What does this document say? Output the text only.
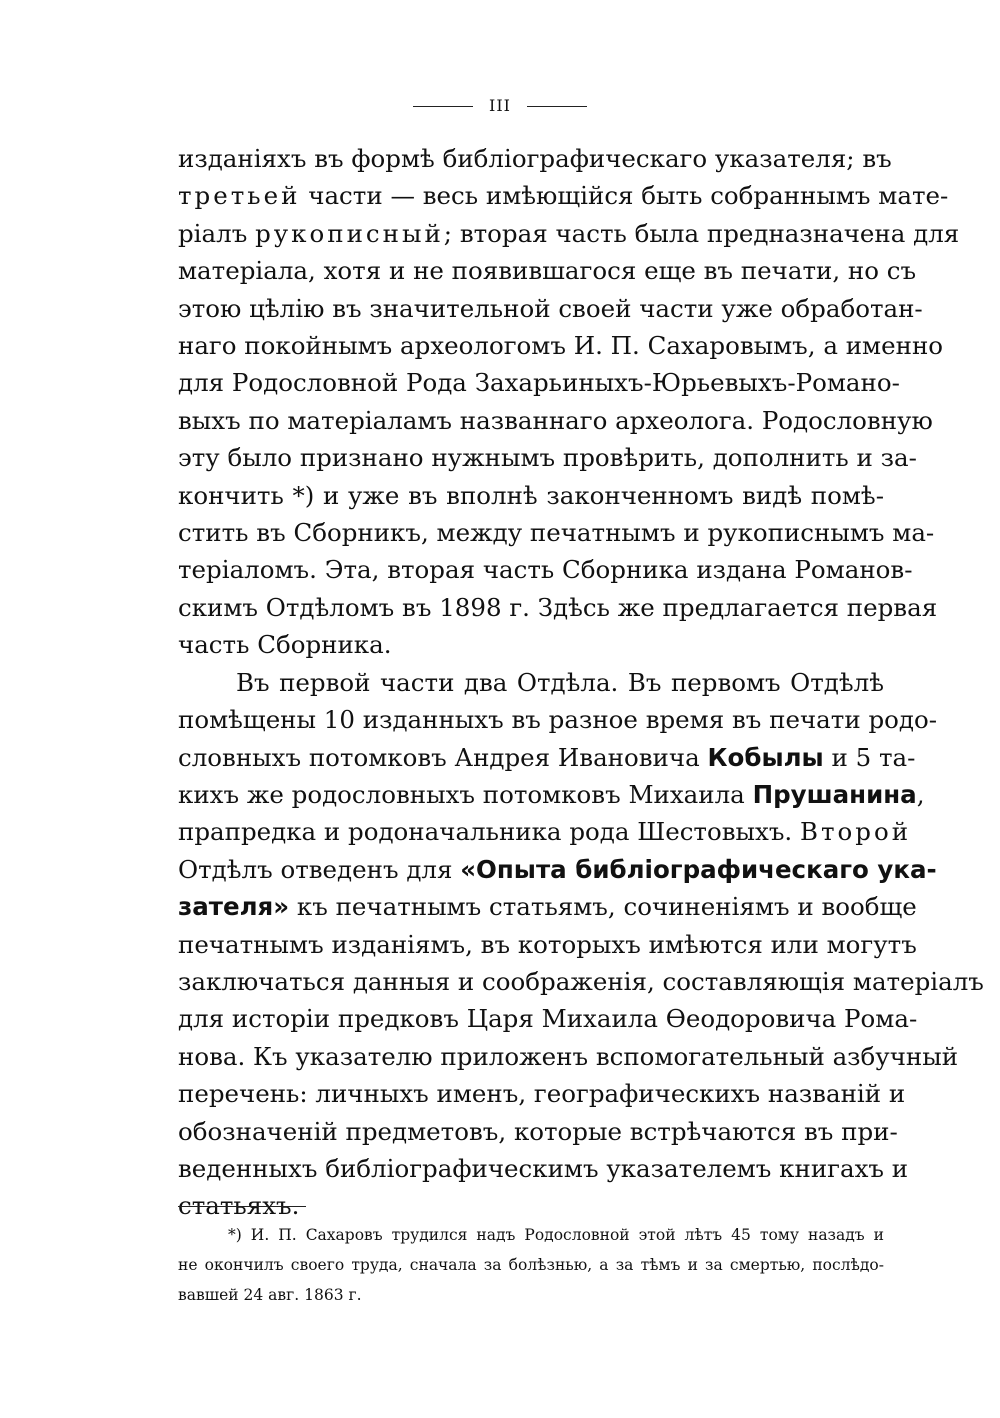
III
изданіяхъ въ формѣ библіографическаго указателя; въ
третьей части — весь имѣющійся быть собраннымъ мате-
ріалъ рукописный; вторая часть была предназначена для
матеріала, хотя и не появившагося еще въ печати, но съ
этою цѣлію въ значительной своей части уже обработан-
наго покойнымъ археологомъ И. П. Сахаровымъ, а именно
для Родословной Рода Захарьиныхъ-Юрьевыхъ-Романо-
выхъ по матеріаламъ названнаго археолога. Родословную
эту было признано нужнымъ провѣрить, дополнить и за-
кончить *) и уже въ вполнѣ законченномъ видѣ помѣ-
стить въ Сборникъ, между печатнымъ и рукописнымъ ма-
теріаломъ. Эта, вторая часть Сборника издана Романов-
скимъ Отдѣломъ въ 1898 г. Здѣсь же предлагается первая
часть Сборника.
Въ первой части два Отдѣла. Въ первомъ Отдѣлѣ
помѣщены 10 изданныхъ въ разное время въ печати родо-
словныхъ потомковъ Андрея Ивановича Кобылы и 5 та-
кихъ же родословныхъ потомковъ Михаила Прушанина,
прапредка и родоначальника рода Шестовыхъ. Второй
Отдѣлъ отведенъ для «Опыта библіографическаго ука-
зателя» къ печатнымъ статьямъ, сочиненіямъ и вообще
печатнымъ изданіямъ, въ которыхъ имѣются или могутъ
заключаться данныя и соображенія, составляющія матеріалъ
для исторіи предковъ Царя Михаила Ѳеодоровича Рома-
нова. Къ указателю приложенъ вспомогательный азбучный
перечень: личныхъ именъ, географическихъ названій и
обозначеній предметовъ, которые встрѣчаются въ при-
веденныхъ библіографическимъ указателемъ книгахъ и
статьяхъ.
*) И. П. Сахаровъ трудился надъ Родословной этой лѣтъ 45 тому назадъ и
не окончилъ своего труда, сначала за болѣзнью, а за тѣмъ и за смертью, послѣдо-
вавшей 24 авг. 1863 г.
